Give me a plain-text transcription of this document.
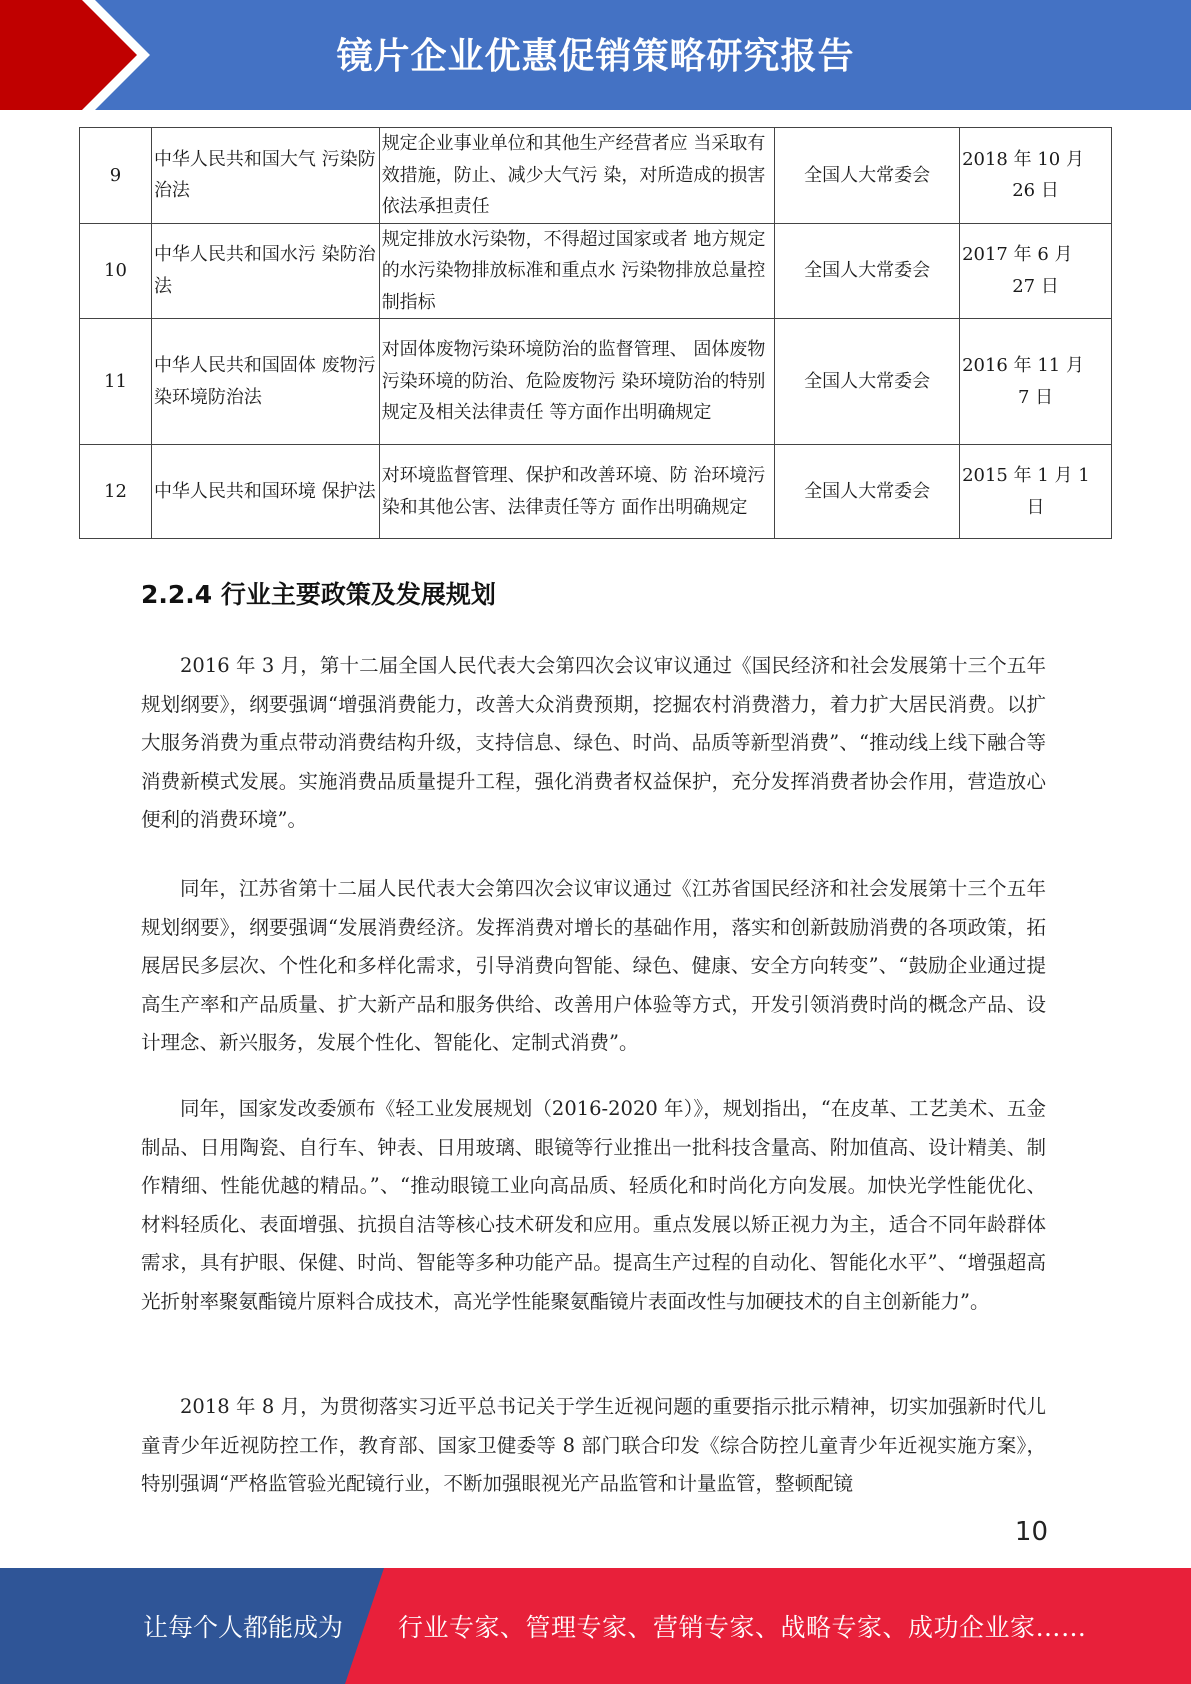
镜片企业优惠促销策略研究报告
9	中华人民共和国大气 污染防治法	规定企业事业单位和其他生产经营者应 当采取有效措施，防止、减少大气污 染，对所造成的损害依法承担责任	全国人大常委会	2018 年 10 月
26 日

10	中华人民共和国水污 染防治法	规定排放水污染物，不得超过国家或者 地方规定的水污染物排放标准和重点水 污染物排放总量控制指标	全国人大常委会	2017 年 6 月
27 日

11	中华人民共和国固体 废物污染环境防治法	对固体废物污染环境防治的监督管理、 固体废物污染环境的防治、危险废物污 染环境防治的特别规定及相关法律责任 等方面作出明确规定	全国人大常委会	2016 年 11 月
7 日

12	中华人民共和国环境 保护法	对环境监督管理、保护和改善环境、防 治环境污染和其他公害、法律责任等方 面作出明确规定	全国人大常委会	2015 年 1 月 1
日
2.2.4 行业主要政策及发展规划

2016 年 3 月，第十二届全国人民代表大会第四次会议审议通过《国民经济和社会发展第十三个五年规划纲要》，纲要强调“增强消费能力，改善大众消费预期，挖掘农村消费潜力，着力扩大居民消费。以扩大服务消费为重点带动消费结构升级，支持信息、绿色、时尚、品质等新型消费”、“推动线上线下融合等消费新模式发展。实施消费品质量提升工程，强化消费者权益保护，充分发挥消费者协会作用，营造放心便利的消费环境”。

同年，江苏省第十二届人民代表大会第四次会议审议通过《江苏省国民经济和社会发展第十三个五年规划纲要》，纲要强调“发展消费经济。发挥消费对增长的基础作用，落实和创新鼓励消费的各项政策，拓展居民多层次、个性化和多样化需求，引导消费向智能、绿色、健康、安全方向转变”、“鼓励企业通过提高生产率和产品质量、扩大新产品和服务供给、改善用户体验等方式，开发引领消费时尚的概念产品、设计理念、新兴服务，发展个性化、智能化、定制式消费”。

同年，国家发改委颁布《轻工业发展规划（2016-2020 年）》，规划指出，“在皮革、工艺美术、五金制品、日用陶瓷、自行车、钟表、日用玻璃、眼镜等行业推出一批科技含量高、附加值高、设计精美、制作精细、性能优越的精品。”、“推动眼镜工业向高品质、轻质化和时尚化方向发展。加快光学性能优化、材料轻质化、表面增强、抗损自洁等核心技术研发和应用。重点发展以矫正视力为主，适合不同年龄群体需求，具有护眼、保健、时尚、智能等多种功能产品。提高生产过程的自动化、智能化水平”、“增强超高光折射率聚氨酯镜片原料合成技术，高光学性能聚氨酯镜片表面改性与加硬技术的自主创新能力”。

2018 年 8 月，为贯彻落实习近平总书记关于学生近视问题的重要指示批示精神，切实加强新时代儿童青少年近视防控工作，教育部、国家卫健委等 8 部门联合印发《综合防控儿童青少年近视实施方案》，特别强调“严格监管验光配镜行业，不断加强眼视光产品监管和计量监管，整顿配镜

10
让每个人都能成为 行业专家、管理专家、营销专家、战略专家、成功企业家……
